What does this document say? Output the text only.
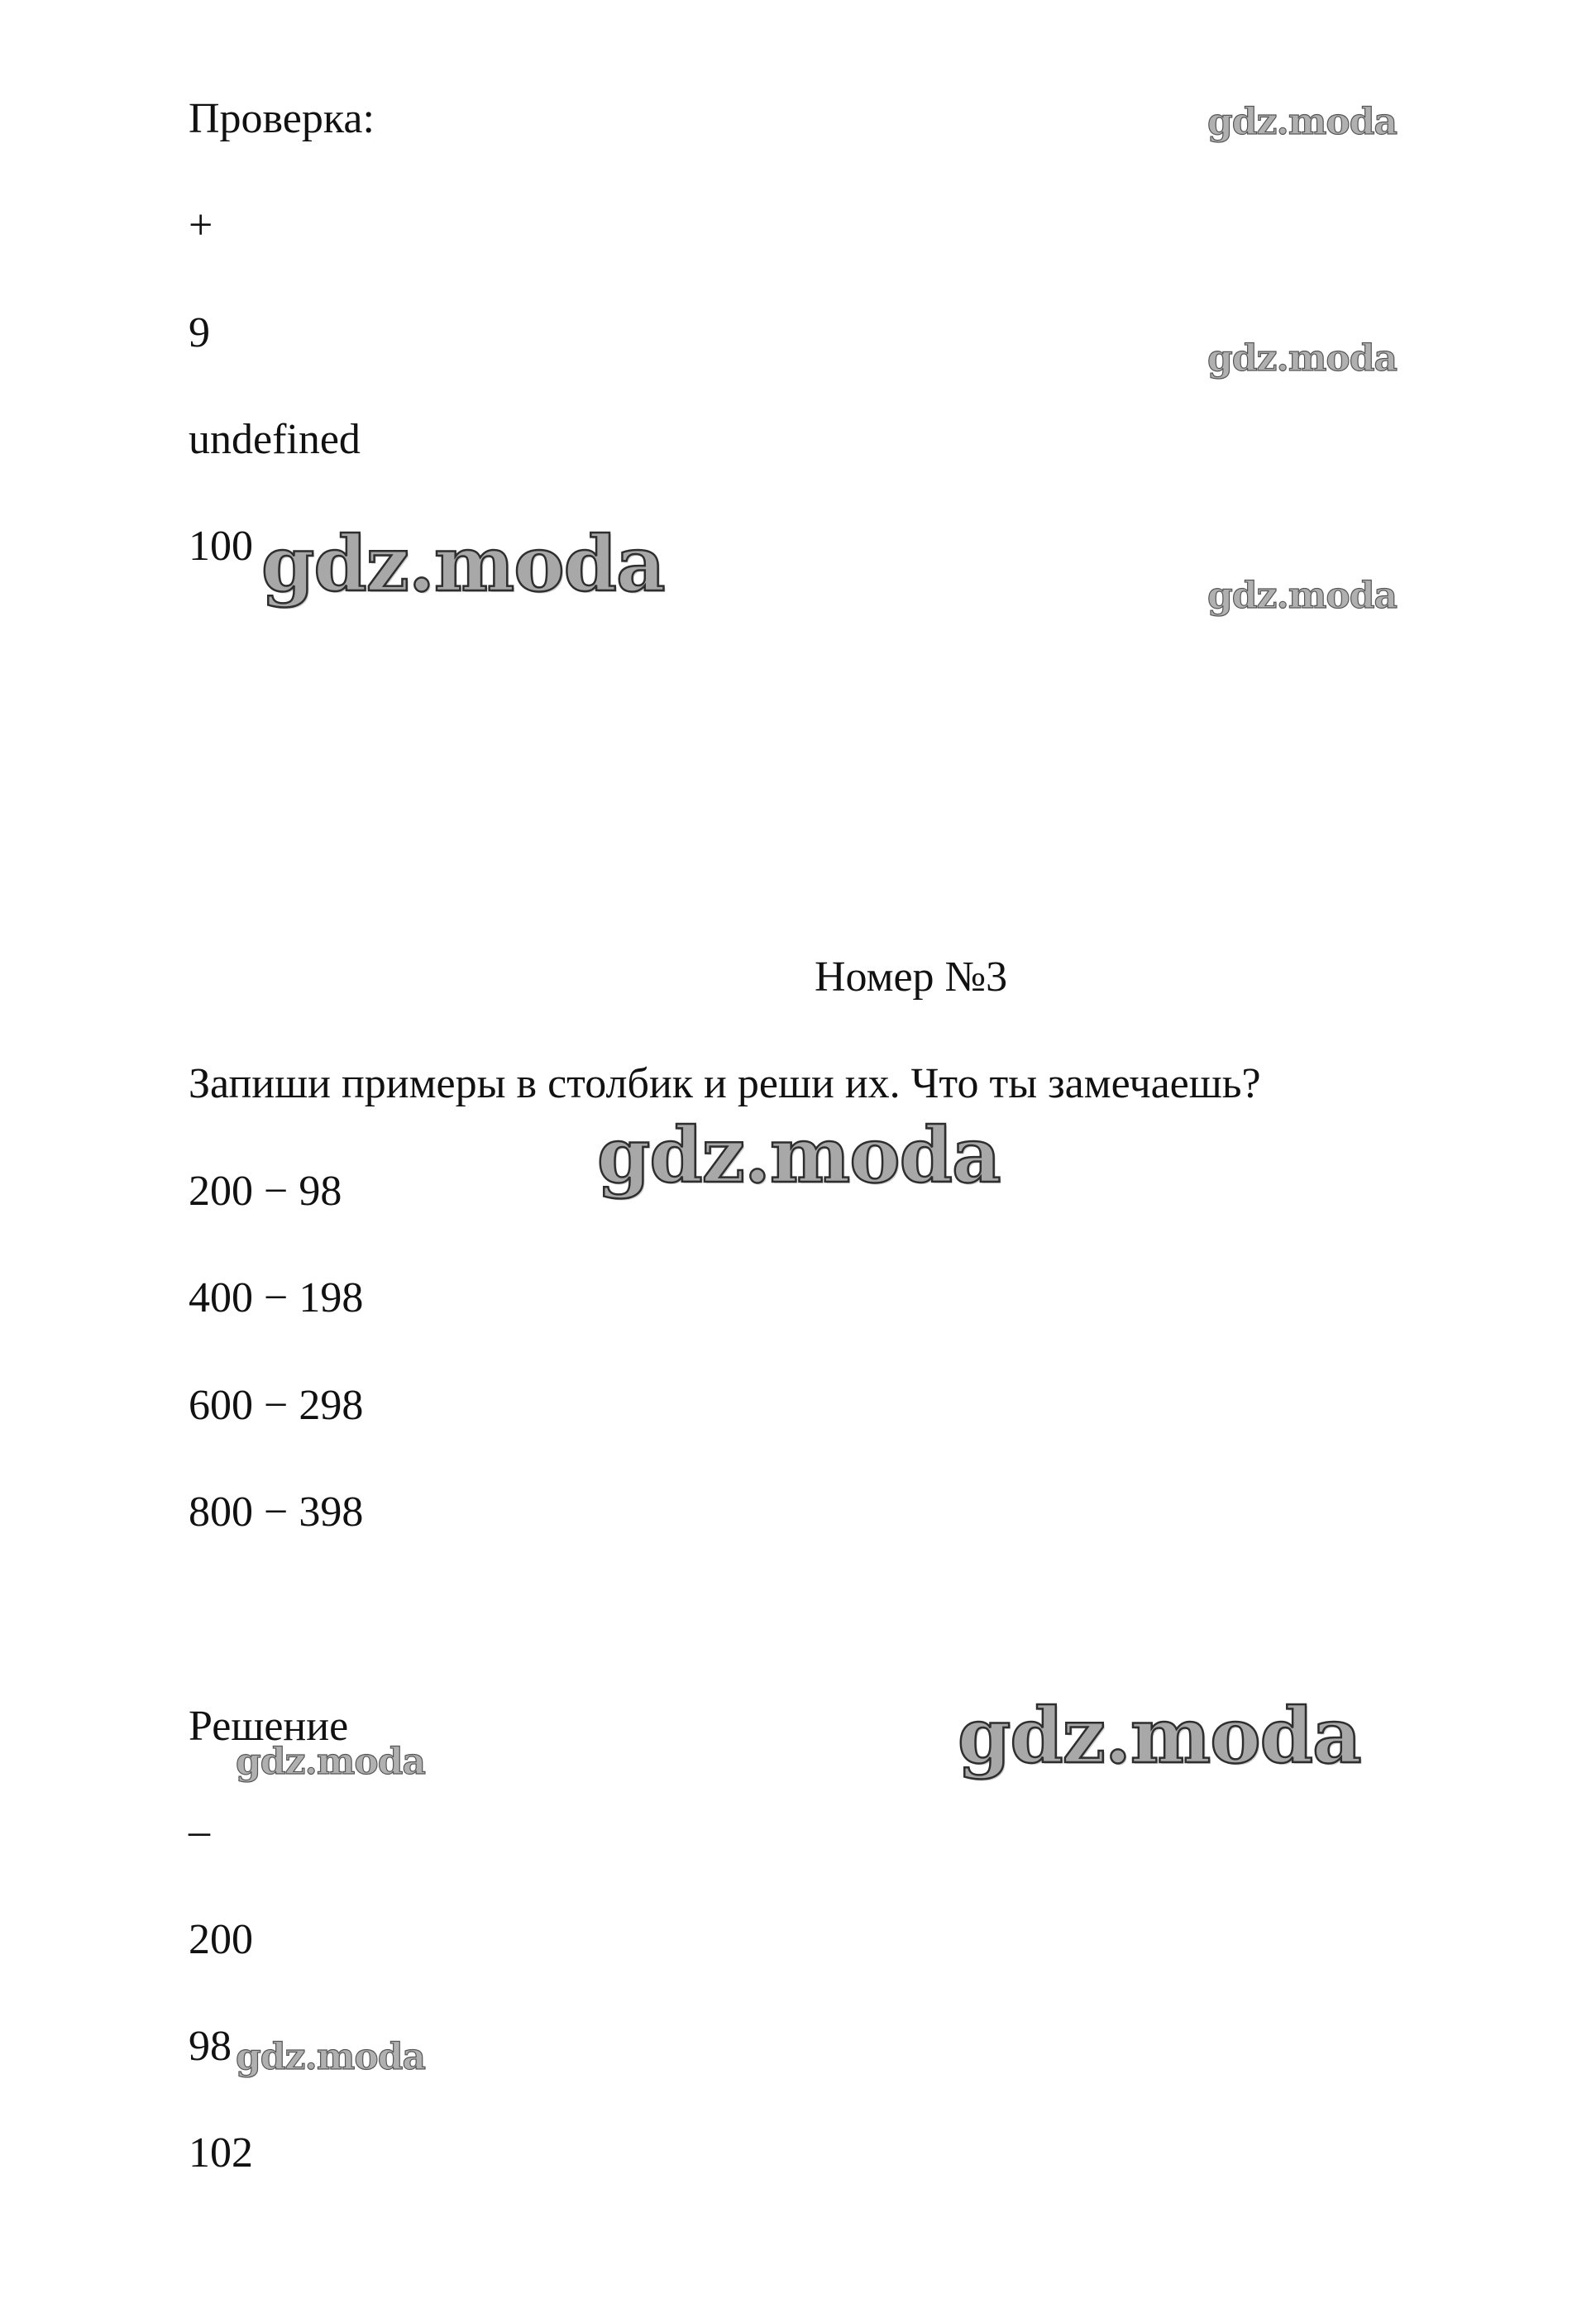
Проверка:
+
9
undefined
100
Номер №3
Запиши примеры в столбик и реши их. Что ты замечаешь?
200 − 98
400 − 198
600 − 298
800 − 398
Решение
–
200
98
102
gdz.moda
gdz.moda
gdz.moda
gdz.moda
gdz.moda
gdz.moda
gdz.moda
gdz.moda
